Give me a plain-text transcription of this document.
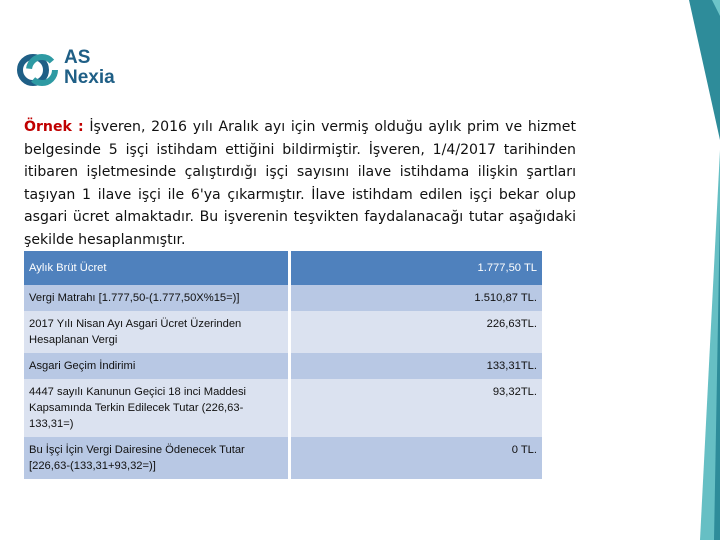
AS
Nexia
Örnek : İşveren, 2016 yılı Aralık ayı için vermiş olduğu aylık prim ve hizmet belgesinde 5 işçi istihdam ettiğini bildirmiştir. İşveren, 1/4/2017 tarihinden itibaren işletmesinde çalıştırdığı işçi sayısını ilave istihdama ilişkin şartları taşıyan 1 ilave işçi ile 6'ya çıkarmıştır. İlave istihdam edilen işçi bekar olup asgari ücret almaktadır. Bu işverenin teşvikten faydalanacağı tutar aşağıdaki şekilde hesaplanmıştır.
Aylık Brüt Ücret	1.777,50 TL
Vergi Matrahı [1.777,50-(1.777,50X%15=)]	1.510,87 TL.
2017 Yılı Nisan Ayı Asgari Ücret Üzerinden Hesaplanan Vergi	226,63TL.
Asgari Geçim İndirimi	133,31TL.
4447 sayılı Kanunun Geçici 18 inci Maddesi Kapsamında Terkin Edilecek Tutar (226,63-133,31=)	93,32TL.
Bu İşçi İçin Vergi Dairesine Ödenecek Tutar [226,63-(133,31+93,32=)]	0 TL.
